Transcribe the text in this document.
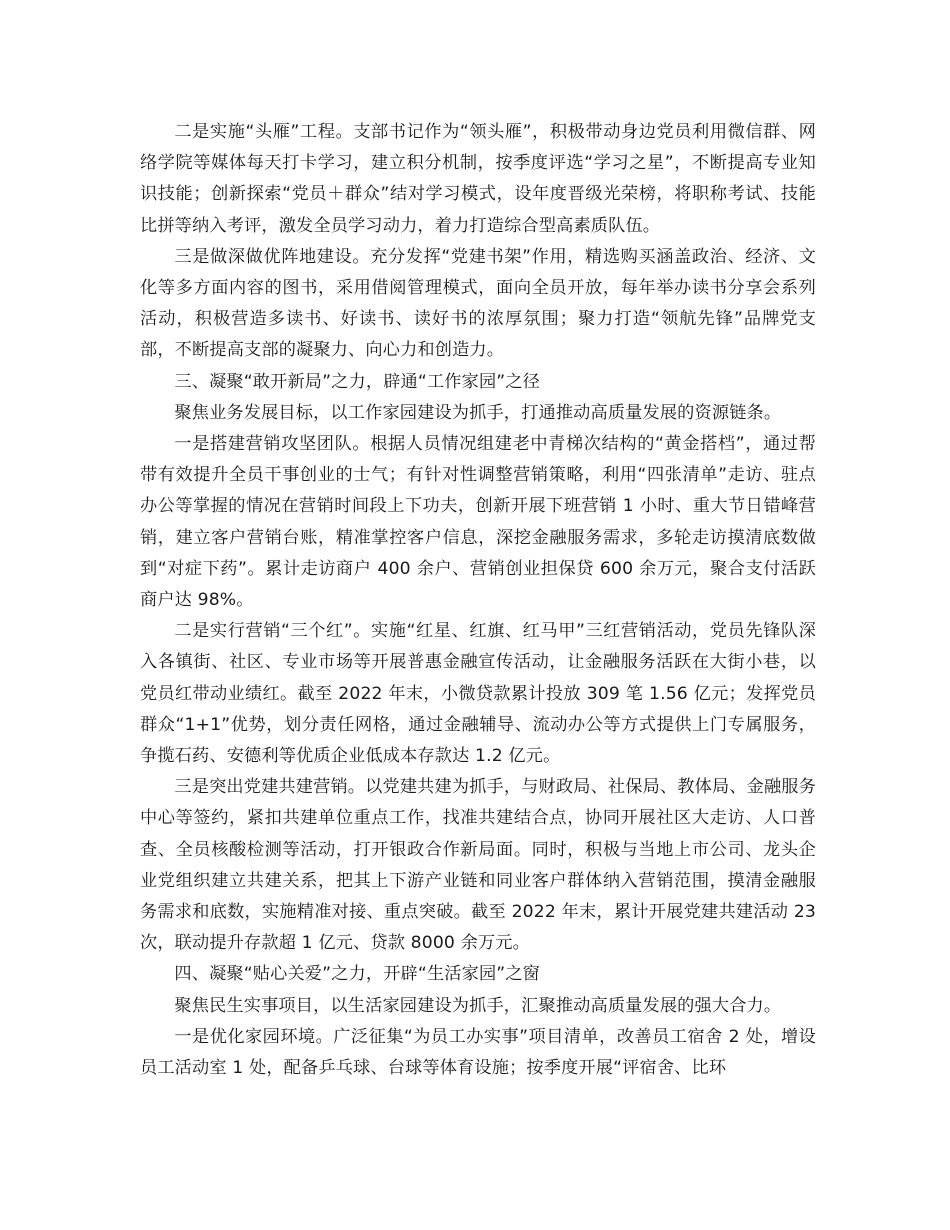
二是实施“头雁”工程。支部书记作为“领头雁”，积极带动身边党员利用微信群、网络学院等媒体每天打卡学习，建立积分机制，按季度评选“学习之星”，不断提高专业知识技能；创新探索“党员＋群众”结对学习模式，设年度晋级光荣榜，将职称考试、技能比拼等纳入考评，激发全员学习动力，着力打造综合型高素质队伍。

三是做深做优阵地建设。充分发挥“党建书架”作用，精选购买涵盖政治、经济、文化等多方面内容的图书，采用借阅管理模式，面向全员开放，每年举办读书分享会系列活动，积极营造多读书、好读书、读好书的浓厚氛围；聚力打造“领航先锋”品牌党支部，不断提高支部的凝聚力、向心力和创造力。

三、凝聚“敢开新局”之力，辟通“工作家园”之径

聚焦业务发展目标，以工作家园建设为抓手，打通推动高质量发展的资源链条。

一是搭建营销攻坚团队。根据人员情况组建老中青梯次结构的“黄金搭档”，通过帮带有效提升全员干事创业的士气；有针对性调整营销策略，利用“四张清单”走访、驻点办公等掌握的情况在营销时间段上下功夫，创新开展下班营销 1 小时、重大节日错峰营销，建立客户营销台账，精准掌控客户信息，深挖金融服务需求，多轮走访摸清底数做到“对症下药”。累计走访商户 400 余户、营销创业担保贷 600 余万元，聚合支付活跃商户达 98%。

二是实行营销“三个红”。实施“红星、红旗、红马甲”三红营销活动，党员先锋队深入各镇街、社区、专业市场等开展普惠金融宣传活动，让金融服务活跃在大街小巷，以党员红带动业绩红。截至 2022 年末，小微贷款累计投放 309 笔 1.56 亿元；发挥党员群众“1+1”优势，划分责任网格，通过金融辅导、流动办公等方式提供上门专属服务，争揽石药、安德利等优质企业低成本存款达 1.2 亿元。

三是突出党建共建营销。以党建共建为抓手，与财政局、社保局、教体局、金融服务中心等签约，紧扣共建单位重点工作，找准共建结合点，协同开展社区大走访、人口普查、全员核酸检测等活动，打开银政合作新局面。同时，积极与当地上市公司、龙头企业党组织建立共建关系，把其上下游产业链和同业客户群体纳入营销范围，摸清金融服务需求和底数，实施精准对接、重点突破。截至 2022 年末，累计开展党建共建活动 23 次，联动提升存款超 1 亿元、贷款 8000 余万元。

四、凝聚“贴心关爱”之力，开辟“生活家园”之窗

聚焦民生实事项目，以生活家园建设为抓手，汇聚推动高质量发展的强大合力。

一是优化家园环境。广泛征集“为员工办实事”项目清单，改善员工宿舍 2 处，增设员工活动室 1 处，配备乒乓球、台球等体育设施；按季度开展“评宿舍、比环
